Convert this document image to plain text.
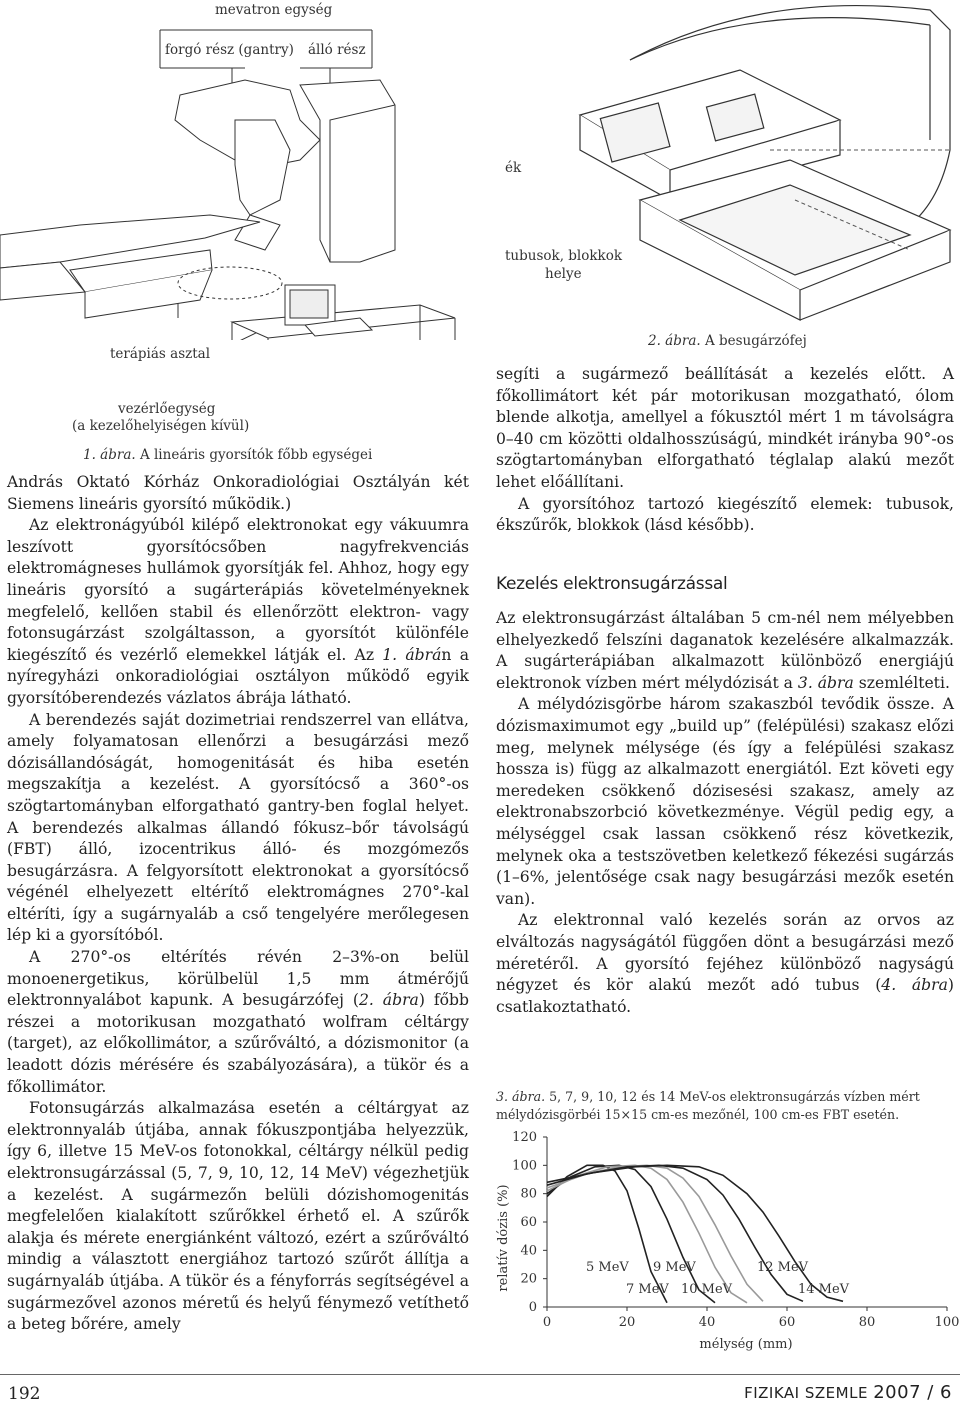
mevatron egység
forgó rész (gantry) álló rész
terápiás asztal
vezérlőegység
(a kezelőhelyiségen kívül)
1. ábra. A lineáris gyorsítók főbb egységei
ék
tubusok, blokkok
helye
2. ábra. A besugárzófej

András Oktató Kórház Onkoradiológiai Osztályán két Siemens lineáris gyorsító működik.)

Az elektronágyúból kilépő elektronokat egy vákuumra leszívott gyorsítócsőben nagyfrekvenciás elektromágneses hullámok gyorsítják fel. Ahhoz, hogy egy lineáris gyorsító a sugárterápiás követelményeknek megfelelő, kellően stabil és ellenőrzött elektron- vagy fotonsugárzást szolgáltasson, a gyorsítót különféle kiegészítő és vezérlő elemekkel látják el. Az 1. ábrán a nyíregyházi onkoradiológiai osztályon működő egyik gyorsítóberendezés vázlatos ábrája látható.

A berendezés saját dozimetriai rendszerrel van ellátva, amely folyamatosan ellenőrzi a besugárzási mező dózisállandóságát, homogenitását és hiba esetén megszakítja a kezelést. A gyorsítócső a 360°-os szögtartományban elforgatható gantry-ben foglal helyet. A berendezés alkalmas állandó fókusz–bőr távolságú (FBT) álló, izocentrikus álló- és mozgómezős besugárzásra. A felgyorsított elektronokat a gyorsítócső végénél elhelyezett eltérítő elektromágnes 270°-kal eltéríti, így a sugárnyaláb a cső tengelyére merőlegesen lép ki a gyorsítóból.

A 270°-os eltérítés révén 2–3%-on belül monoenergetikus, körülbelül 1,5 mm átmérőjű elektronnyalábot kapunk. A besugárzófej (2. ábra) főbb részei a motorikusan mozgatható wolfram céltárgy (target), az előkollimátor, a szűrőváltó, a dózismonitor (a leadott dózis mérésére és szabályozására), a tükör és a főkollimátor.

Fotonsugárzás alkalmazása esetén a céltárgyat az elektronnyaláb útjába, annak fókuszpontjába helyezzük, így 6, illetve 15 MeV-os fotonokkal, céltárgy nélkül pedig elektronsugárzással (5, 7, 9, 10, 12, 14 MeV) végezhetjük a kezelést. A sugármezőn belüli dózishomogenitás megfelelően kialakított szűrőkkel érhető el. A szűrők alakja és mérete energiánként változó, ezért a szűrőváltó mindig a választott energiához tartozó szűrőt állítja a sugárnyaláb útjába. A tükör és a fényforrás segítségével a sugármezővel azonos méretű és helyű fénymező vetíthető a beteg bőrére, amely

segíti a sugármező beállítását a kezelés előtt. A főkollimátort két pár motorikusan mozgatható, ólom blende alkotja, amellyel a fókusztól mért 1 m távolságra 0–40 cm közötti oldalhosszúságú, mindkét irányba 90°-os szögtartományban elforgatható téglalap alakú mezőt lehet előállítani.

A gyorsítóhoz tartozó kiegészítő elemek: tubusok, ékszűrők, blokkok (lásd később).

Kezelés elektronsugárzással

Az elektronsugárzást általában 5 cm-nél nem mélyebben elhelyezkedő felszíni daganatok kezelésére alkalmazzák. A sugárterápiában alkalmazott különböző energiájú elektronok vízben mért mélydózisát a 3. ábra szemlélteti.

A mélydózisgörbe három szakaszból tevődik össze. A dózismaximumot egy „build up” (felépülési) szakasz előzi meg, melynek mélysége (és így a felépülési szakasz hossza is) függ az alkalmazott energiától. Ezt követi egy meredeken csökkenő dózisesési szakasz, amely az elektronabszorbció következménye. Végül pedig egy, a mélységgel csak lassan csökkenő rész következik, melynek oka a testszövetben keletkező fékezési sugárzás (1–6%, jelentősége csak nagy besugárzási mezők esetén van).

Az elektronnal való kezelés során az orvos az elváltozás nagyságától függően dönt a besugárzási mező méretéről. A gyorsító fejéhez különböző nagyságú négyzet és kör alakú mezőt adó tubus (4. ábra) csatlakoztatható.

3. ábra. 5, 7, 9, 10, 12 és 14 MeV-os elektronsugárzás vízben mért mélydózisgörbéi 15×15 cm-es mezőnél, 100 cm-es FBT esetén.
0
20
40
60
80
100
120
0	20	40	60	80	100
relatív dózis (%)
mélység (mm)
5 MeV 9 MeV	12 MeV
7 MeV 10 MeV	14 MeV
192	FIZIKAI SZEMLE 2007 / 6
